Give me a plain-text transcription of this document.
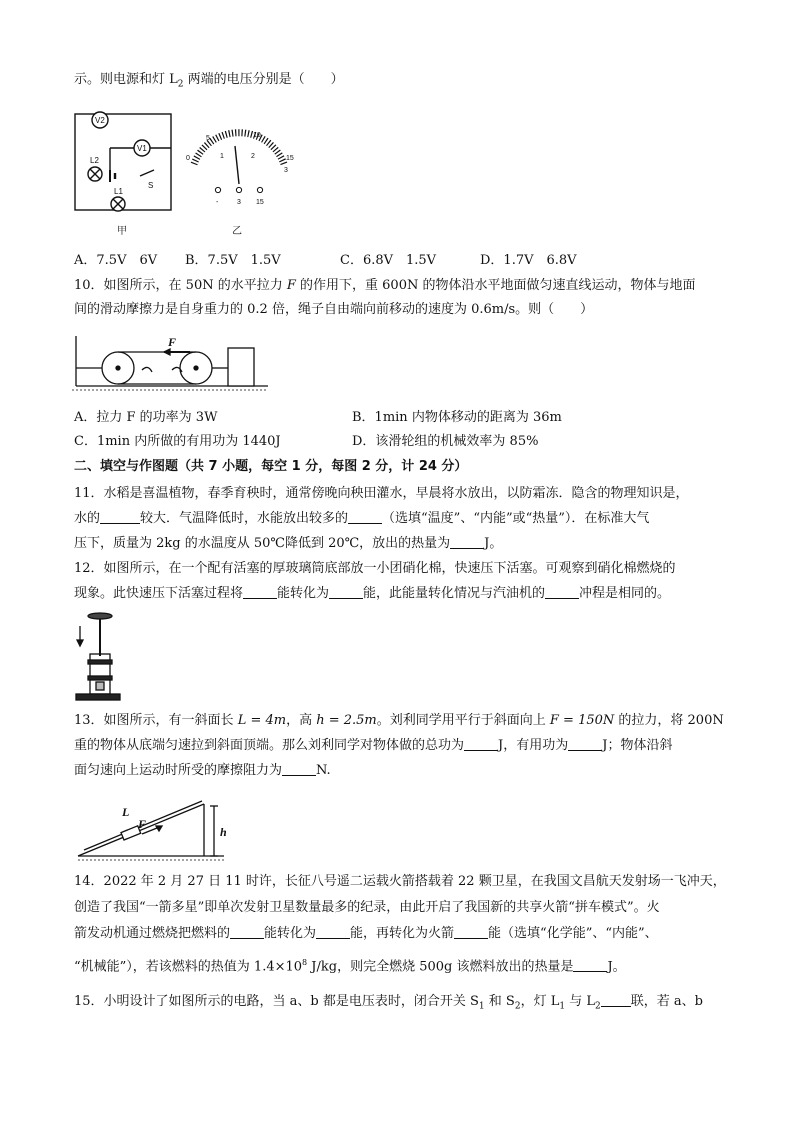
示。则电源和灯 $L_2$ 两端的电压分别是（　　）
V2
V1
L2
L1
S
甲
0
5	10
15
1	2
3
-	3 15
乙
A．7.5V　6V B．7.5V　1.5V	C．6.8V　1.5V	D．1.7V　6.8V
10．如图所示，在 50N 的水平拉力 F 的作用下，重 600N 的物体沿水平地面做匀速直线运动，物体与地面
间的滑动摩擦力是自身重力的 0.2 倍，绳子自由端向前移动的速度为 0.6m/s。则（　　）
F
A．拉力 F 的功率为 3W	B．1min 内物体移动的距离为 36m
C．1min 内所做的有用功为 1440J	D．该滑轮组的机械效率为 85%
二、填空与作图题（共 7 小题，每空 1 分，每图 2 分，计 24 分）
11．水稻是喜温植物，春季育秧时，通常傍晚向秧田灌水，早晨将水放出，以防霜冻．隐含的物理知识是，
水的	较大．气温降低时，水能放出较多的	（选填“温度”、“内能”或“热量”）．在标准大气
压下，质量为 2kg 的水温度从 50℃降低到 20℃，放出的热量为	J。
12．如图所示，在一个配有活塞的厚玻璃筒底部放一小团硝化棉，快速压下活塞。可观察到硝化棉燃烧的
现象。此快速压下活塞过程将	能转化为	能，此能量转化情况与汽油机的	冲程是相同的。
13．如图所示，有一斜面长 L = 4m，高 h = 2.5m。刘利同学用平行于斜面向上 F = 150N 的拉力，将 200N
重的物体从底端匀速拉到斜面顶端。那么刘利同学对物体做的总功为	J，有用功为	J；物体沿斜
面匀速向上运动时所受的摩擦阻力为	N.
L
F
h
14．2022 年 2 月 27 日 11 时许，长征八号遥二运载火箭搭载着 22 颗卫星，在我国文昌航天发射场一飞冲天，
创造了我国“一箭多星”即单次发射卫星数量最多的纪录，由此开启了我国新的共享火箭“拼车模式”。火
箭发动机通过燃烧把燃料的	能转化为	能，再转化为火箭	能（选填“化学能”、“内能”、
“机械能”），若该燃料的热值为 $1.4\times 10^8$ J/kg，则完全燃烧 500g 该燃料放出的热量是	J。
15．小明设计了如图所示的电路，当 a、b 都是电压表时，闭合开关 $S_1$ 和 $S_2$，灯 $L_1$ 与 $L_2$ 联，若 a、b
